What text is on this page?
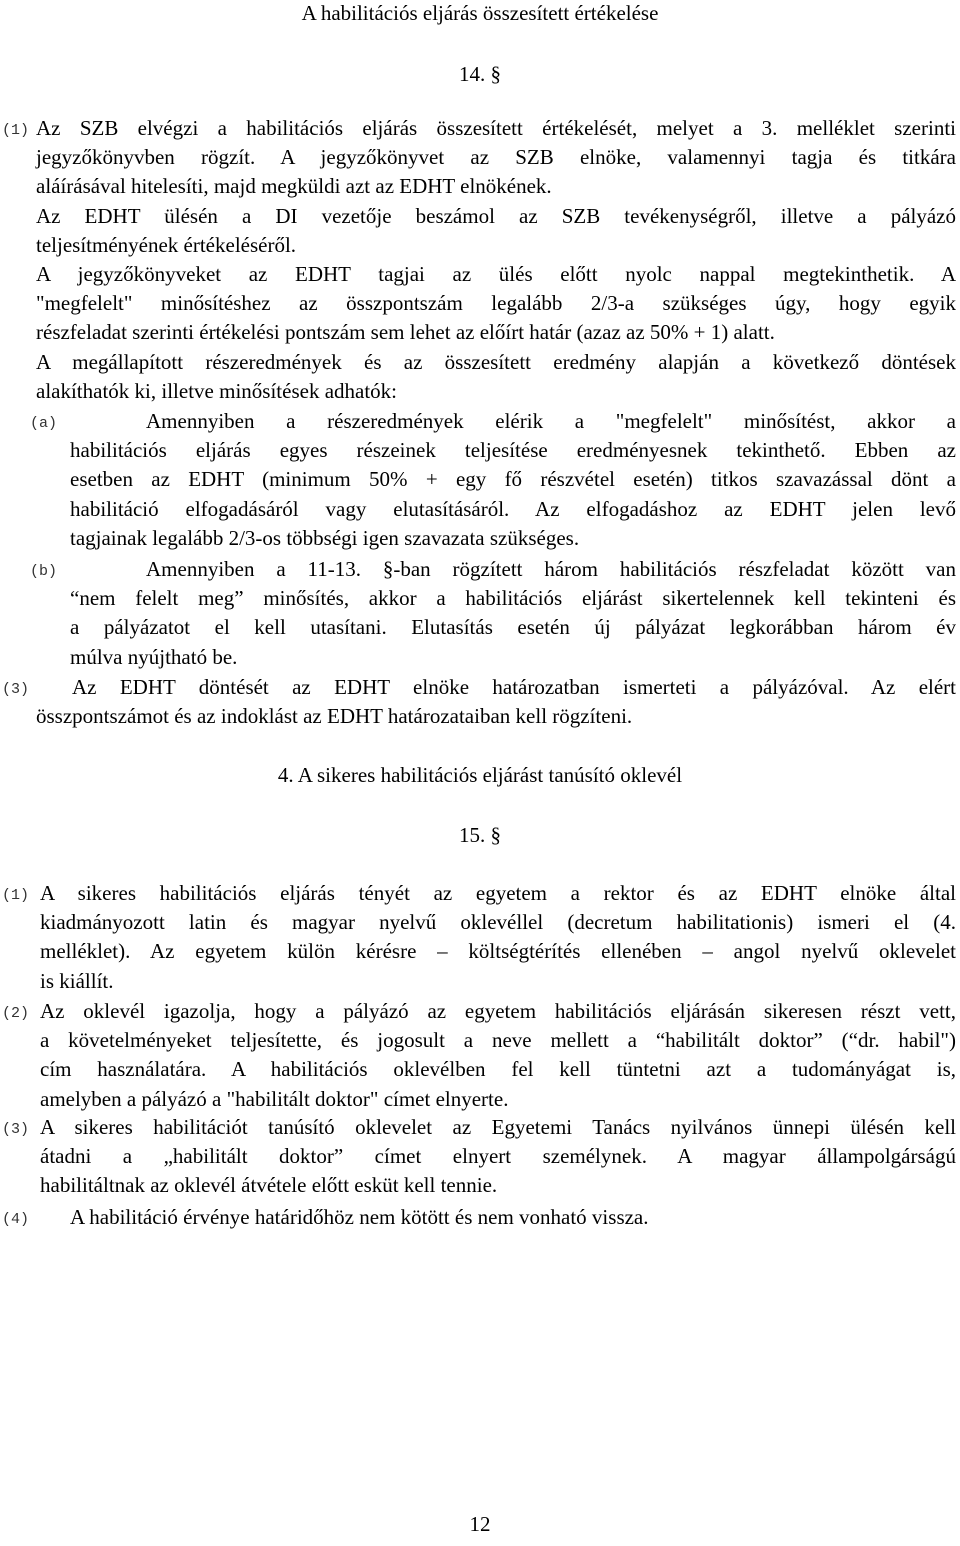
A habilitációs eljárás összesített értékelése
14. §
(1) Az SZB elvégzi a habilitációs eljárás összesített értékelését, melyet a 3. melléklet szerinti
jegyzőkönyvben rögzít. A jegyzőkönyvet az SZB elnöke, valamennyi tagja és titkára
aláírásával hitelesíti, majd megküldi azt az EDHT elnökének.
Az EDHT ülésén a DI vezetője beszámol az SZB tevékenységről, illetve a pályázó
teljesítményének értékeléséről.
A jegyzőkönyveket az EDHT tagjai az ülés előtt nyolc nappal megtekinthetik. A
"megfelelt" minősítéshez az összpontszám legalább 2/3-a szükséges úgy, hogy egyik
részfeladat szerinti értékelési pontszám sem lehet az előírt határ (azaz az 50% + 1) alatt.
A megállapított részeredmények és az összesített eredmény alapján a következő döntések
alakíthatók ki, illetve minősítések adhatók:
(a)	Amennyiben a részeredmények elérik a "megfelelt" minősítést, akkor a
habilitációs eljárás egyes részeinek teljesítése eredményesnek tekinthető. Ebben az
esetben az EDHT (minimum 50% + egy fő részvétel esetén) titkos szavazással dönt a
habilitáció elfogadásáról vagy elutasításáról. Az elfogadáshoz az EDHT jelen levő
tagjainak legalább 2/3-os többségi igen szavazata szükséges.
(b)	Amennyiben a 11-13. §-ban rögzített három habilitációs részfeladat között van
“nem felelt meg” minősítés, akkor a habilitációs eljárást sikertelennek kell tekinteni és
a pályázatot el kell utasítani. Elutasítás esetén új pályázat legkorábban három év
múlva nyújtható be.
(3)	Az EDHT döntését az EDHT elnöke határozatban ismerteti a pályázóval. Az elért
összpontszámot és az indoklást az EDHT határozataiban kell rögzíteni.
4. A sikeres habilitációs eljárást tanúsító oklevél
15. §
(1) A sikeres habilitációs eljárás tényét az egyetem a rektor és az EDHT elnöke által
kiadmányozott latin és magyar nyelvű oklevéllel (decretum habilitationis) ismeri el (4.
melléklet). Az egyetem külön kérésre – költségtérítés ellenében – angol nyelvű oklevelet
is kiállít.
(2) Az oklevél igazolja, hogy a pályázó az egyetem habilitációs eljárásán sikeresen részt vett,
a követelményeket teljesítette, és jogosult a neve mellett a “habilitált doktor” (“dr. habil")
cím használatára. A habilitációs oklevélben fel kell tüntetni azt a tudományágat is,
amelyben a pályázó a "habilitált doktor" címet elnyerte.
(3) A sikeres habilitációt tanúsító oklevelet az Egyetemi Tanács nyilvános ünnepi ülésén kell
átadni a „habilitált doktor” címet elnyert személynek. A magyar állampolgárságú
habilitáltnak az oklevél átvétele előtt esküt kell tennie.
(4)	A habilitáció érvénye határidőhöz nem kötött és nem vonható vissza.
12
